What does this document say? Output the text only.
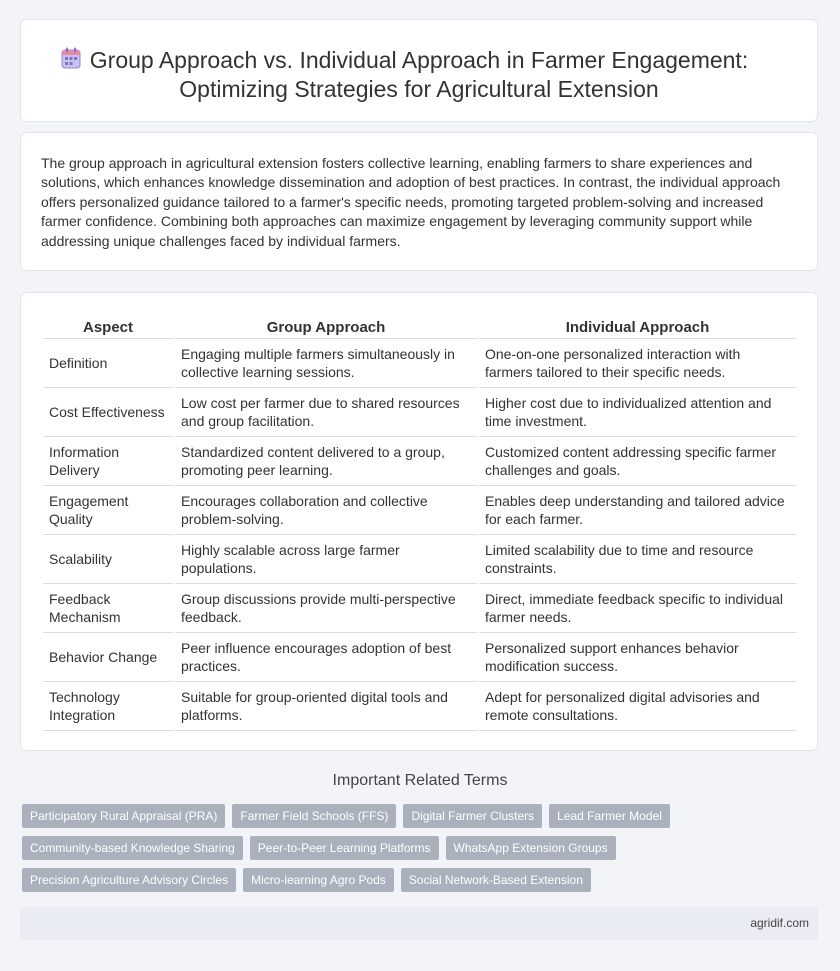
Group Approach vs. Individual Approach in Farmer Engagement:
Optimizing Strategies for Agricultural Extension

The group approach in agricultural extension fosters collective learning, enabling farmers to share experiences and solutions, which enhances knowledge dissemination and adoption of best practices. In contrast, the individual approach offers personalized guidance tailored to a farmer's specific needs, promoting targeted problem-solving and increased farmer confidence. Combining both approaches can maximize engagement by leveraging community support while addressing unique challenges faced by individual farmers.

Aspect	Group Approach	Individual Approach
Definition	Engaging multiple farmers simultaneously in collective learning sessions.	One-on-one personalized interaction with farmers tailored to their specific needs.
Cost Effectiveness	Low cost per farmer due to shared resources and group facilitation.	Higher cost due to individualized attention and time investment.
Information Delivery	Standardized content delivered to a group, promoting peer learning.	Customized content addressing specific farmer challenges and goals.
Engagement Quality	Encourages collaboration and collective problem-solving.	Enables deep understanding and tailored advice for each farmer.
Scalability	Highly scalable across large farmer populations.	Limited scalability due to time and resource constraints.
Feedback Mechanism	Group discussions provide multi-perspective feedback.	Direct, immediate feedback specific to individual farmer needs.
Behavior Change	Peer influence encourages adoption of best practices.	Personalized support enhances behavior modification success.
Technology Integration	Suitable for group-oriented digital tools and platforms.	Adept for personalized digital advisories and remote consultations.
Important Related Terms
Participatory Rural Appraisal (PRA)	Farmer Field Schools (FFS)	Digital Farmer Clusters	Lead Farmer Model
Community-based Knowledge Sharing	Peer-to-Peer Learning Platforms	WhatsApp Extension Groups
Precision Agriculture Advisory Circles	Micro-learning Agro Pods	Social Network-Based Extension
agridif.com
